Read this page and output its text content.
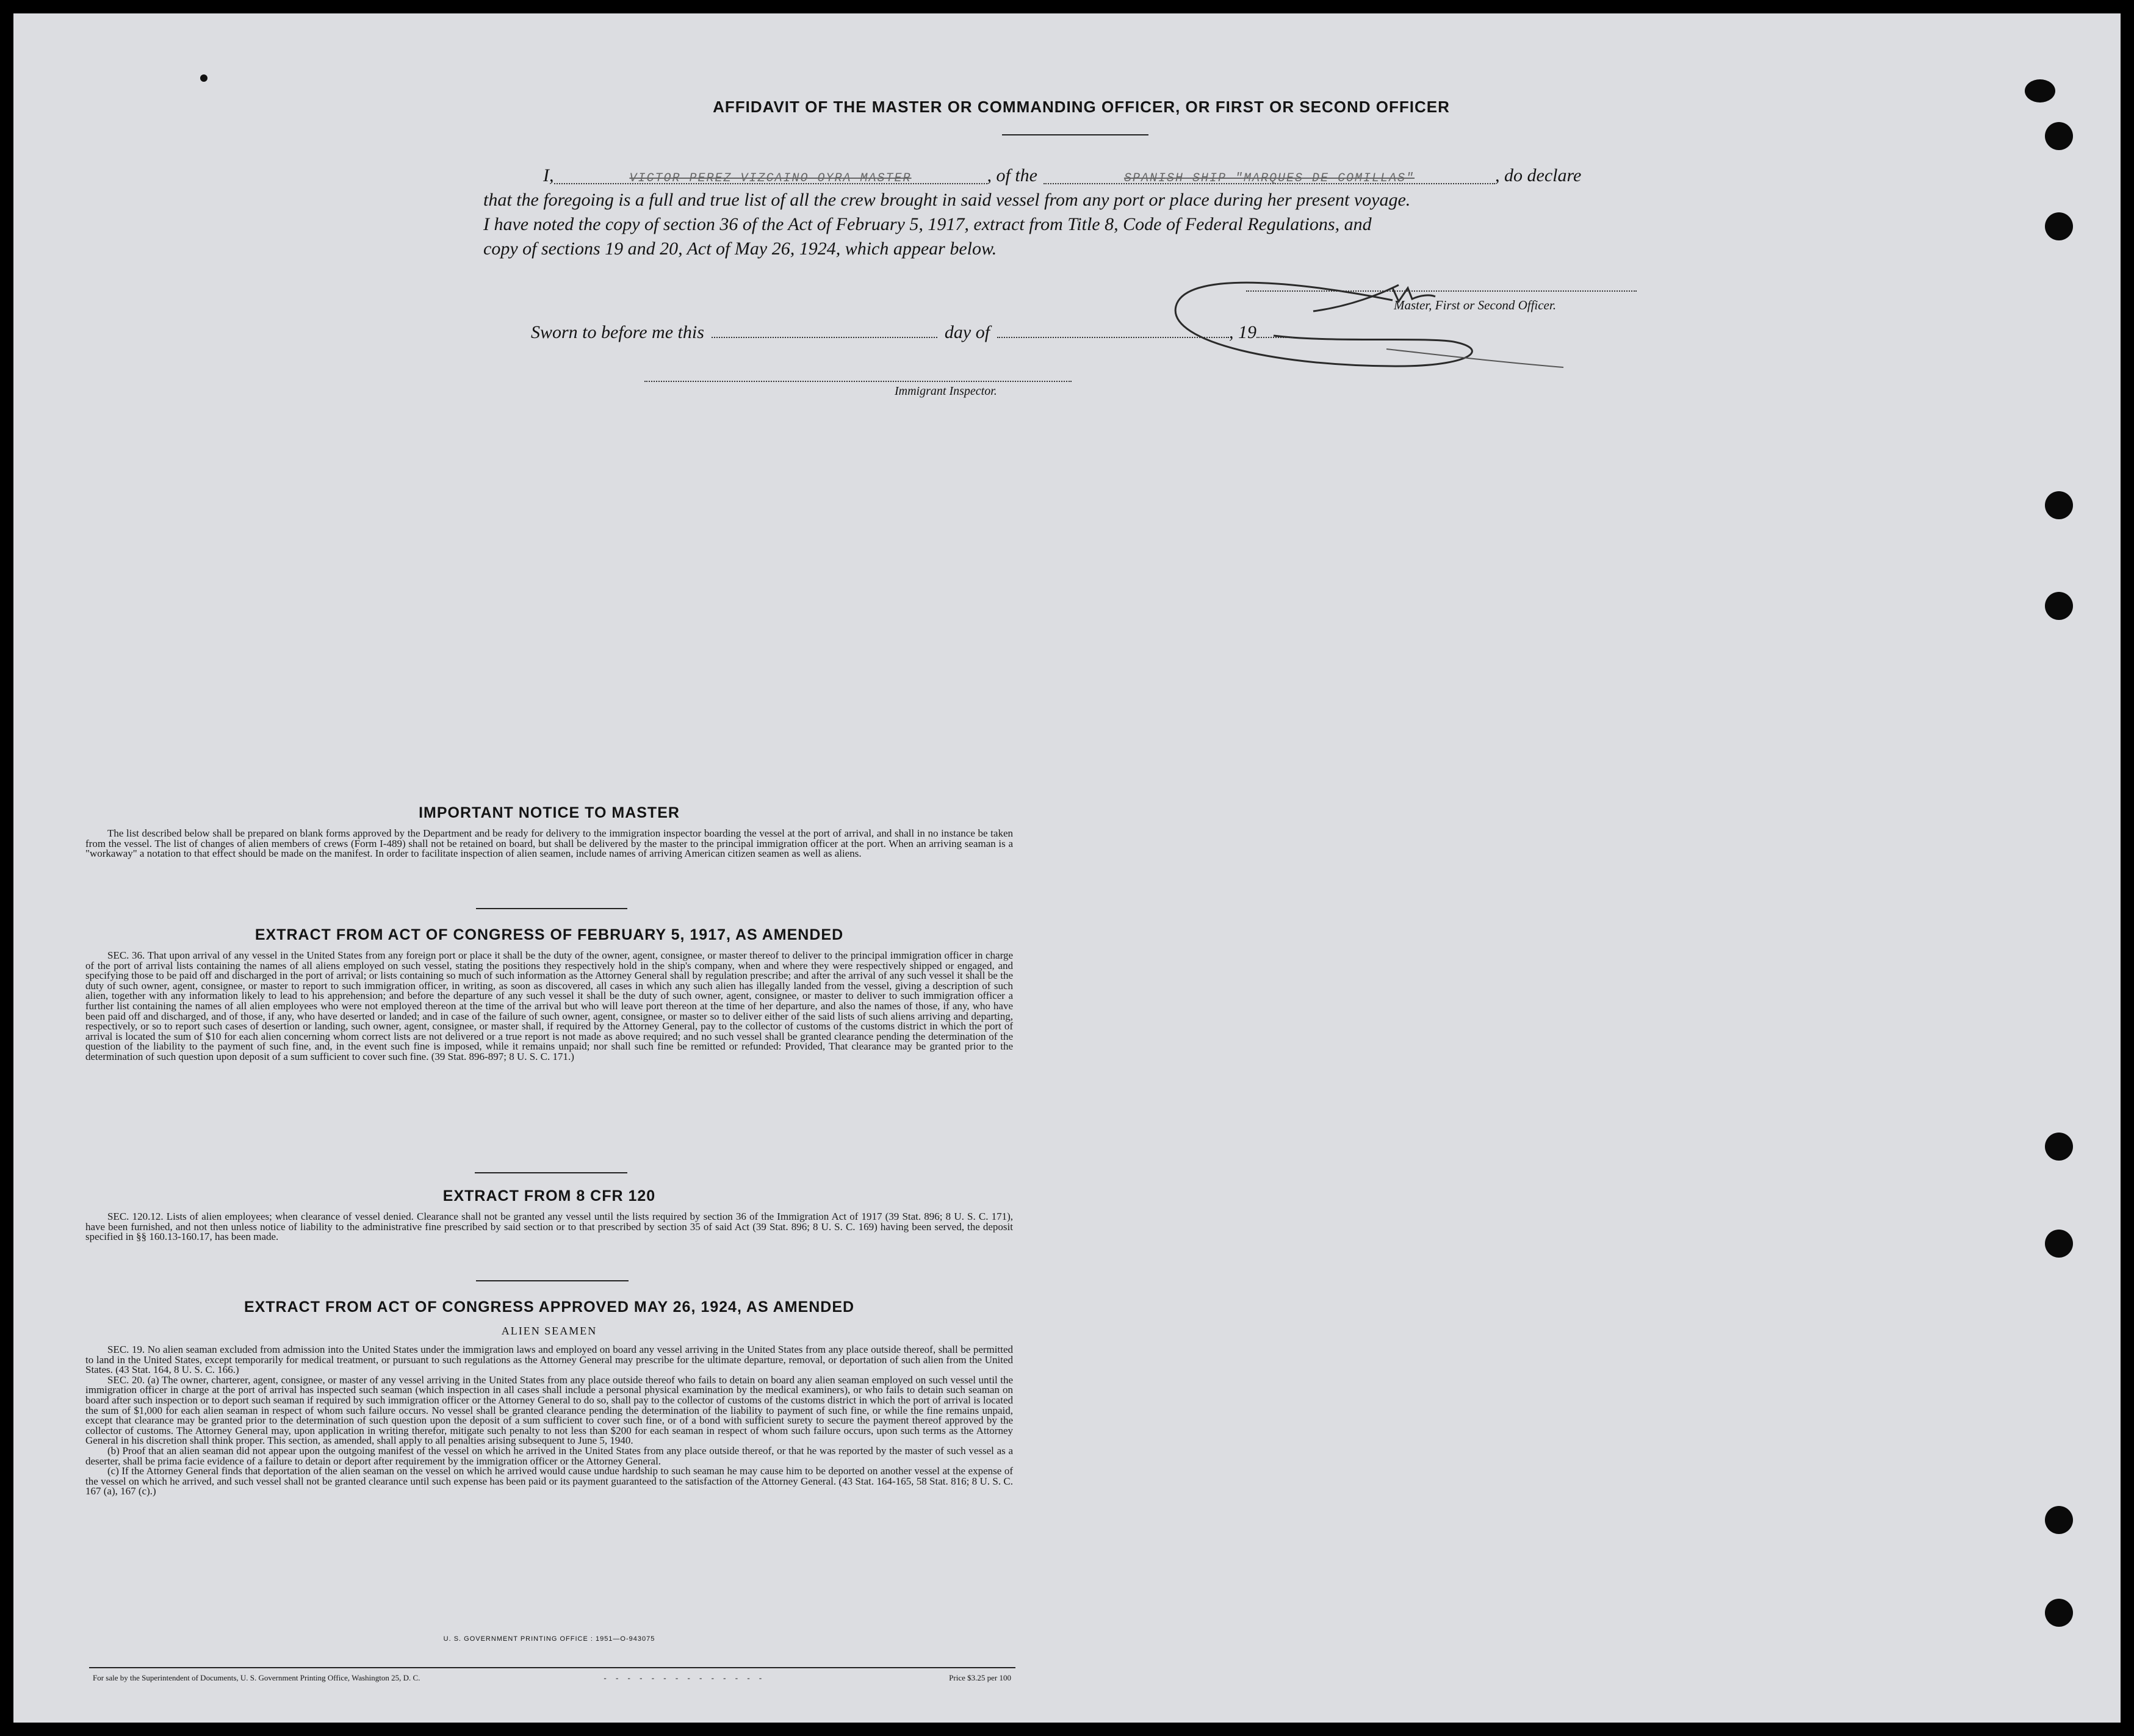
AFFIDAVIT OF THE MASTER OR COMMANDING OFFICER, OR FIRST OR SECOND OFFICER
I,	VICTOR PEREZ VIZCAINO OYRA MASTER	, of the	SPANISH SHIP "MARQUES DE COMILLAS"	, do declare
that the foregoing is a full and true list of all the crew brought in said vessel from any port or place during her present voyage.
I have noted the copy of section 36 of the Act of February 5, 1917, extract from Title 8, Code of Federal Regulations, and
copy of sections 19 and 20, Act of May 26, 1924, which appear below.
Master, First or Second Officer.
Sworn to before me this	day of	, 19
Immigrant Inspector.
IMPORTANT NOTICE TO MASTER

The list described below shall be prepared on blank forms approved by the Department and be ready for delivery to the immigration inspector boarding the vessel at the port of arrival, and shall in no instance be taken from the vessel. The list of changes of alien members of crews (Form I-489) shall not be retained on board, but shall be delivered by the master to the principal immigration officer at the port. When an arriving seaman is a "workaway" a notation to that effect should be made on the manifest. In order to facilitate inspection of alien seamen, include names of arriving American citizen seamen as well as aliens.

EXTRACT FROM ACT OF CONGRESS OF FEBRUARY 5, 1917, AS AMENDED

SEC. 36. That upon arrival of any vessel in the United States from any foreign port or place it shall be the duty of the owner, agent, consignee, or master thereof to deliver to the principal immigration officer in charge of the port of arrival lists containing the names of all aliens employed on such vessel, stating the positions they respectively hold in the ship's company, when and where they were respectively shipped or engaged, and specifying those to be paid off and discharged in the port of arrival; or lists containing so much of such information as the Attorney General shall by regulation prescribe; and after the arrival of any such vessel it shall be the duty of such owner, agent, consignee, or master to report to such immigration officer, in writing, as soon as discovered, all cases in which any such alien has illegally landed from the vessel, giving a description of such alien, together with any information likely to lead to his apprehension; and before the departure of any such vessel it shall be the duty of such owner, agent, consignee, or master to deliver to such immigration officer a further list containing the names of all alien employees who were not employed thereon at the time of the arrival but who will leave port thereon at the time of her departure, and also the names of those, if any, who have been paid off and discharged, and of those, if any, who have deserted or landed; and in case of the failure of such owner, agent, consignee, or master so to deliver either of the said lists of such aliens arriving and departing, respectively, or so to report such cases of desertion or landing, such owner, agent, consignee, or master shall, if required by the Attorney General, pay to the collector of customs of the customs district in which the port of arrival is located the sum of $10 for each alien concerning whom correct lists are not delivered or a true report is not made as above required; and no such vessel shall be granted clearance pending the determination of the question of the liability to the payment of such fine, and, in the event such fine is imposed, while it remains unpaid; nor shall such fine be remitted or refunded: Provided, That clearance may be granted prior to the determination of such question upon deposit of a sum sufficient to cover such fine. (39 Stat. 896-897; 8 U. S. C. 171.)

EXTRACT FROM 8 CFR 120

SEC. 120.12. Lists of alien employees; when clearance of vessel denied. Clearance shall not be granted any vessel until the lists required by section 36 of the Immigration Act of 1917 (39 Stat. 896; 8 U. S. C. 171), have been furnished, and not then unless notice of liability to the administrative fine prescribed by said section or to that prescribed by section 35 of said Act (39 Stat. 896; 8 U. S. C. 169) having been served, the deposit specified in §§ 160.13-160.17, has been made.

EXTRACT FROM ACT OF CONGRESS APPROVED MAY 26, 1924, AS AMENDED
ALIEN SEAMEN

SEC. 19. No alien seaman excluded from admission into the United States under the immigration laws and employed on board any vessel arriving in the United States from any place outside thereof, shall be permitted to land in the United States, except temporarily for medical treatment, or pursuant to such regulations as the Attorney General may prescribe for the ultimate departure, removal, or deportation of such alien from the United States. (43 Stat. 164, 8 U. S. C. 166.)

SEC. 20. (a) The owner, charterer, agent, consignee, or master of any vessel arriving in the United States from any place outside thereof who fails to detain on board any alien seaman employed on such vessel until the immigration officer in charge at the port of arrival has inspected such seaman (which inspection in all cases shall include a personal physical examination by the medical examiners), or who fails to detain such seaman on board after such inspection or to deport such seaman if required by such immigration officer or the Attorney General to do so, shall pay to the collector of customs of the customs district in which the port of arrival is located the sum of $1,000 for each alien seaman in respect of whom such failure occurs. No vessel shall be granted clearance pending the determination of the liability to payment of such fine, or while the fine remains unpaid, except that clearance may be granted prior to the determination of such question upon the deposit of a sum sufficient to cover such fine, or of a bond with sufficient surety to secure the payment thereof approved by the collector of customs. The Attorney General may, upon application in writing therefor, mitigate such penalty to not less than $200 for each seaman in respect of whom such failure occurs, upon such terms as the Attorney General in his discretion shall think proper. This section, as amended, shall apply to all penalties arising subsequent to June 5, 1940.

(b) Proof that an alien seaman did not appear upon the outgoing manifest of the vessel on which he arrived in the United States from any place outside thereof, or that he was reported by the master of such vessel as a deserter, shall be prima facie evidence of a failure to detain or deport after requirement by the immigration officer or the Attorney General.

(c) If the Attorney General finds that deportation of the alien seaman on the vessel on which he arrived would cause undue hardship to such seaman he may cause him to be deported on another vessel at the expense of the vessel on which he arrived, and such vessel shall not be granted clearance until such expense has been paid or its payment guaranteed to the satisfaction of the Attorney General. (43 Stat. 164-165, 58 Stat. 816; 8 U. S. C. 167 (a), 167 (c).)

U. S. GOVERNMENT PRINTING OFFICE : 1951—O-943075
For sale by the Superintendent of Documents, U. S. Government Printing Office, Washington 25, D. C.	- - - - - - - - - - - - - -	Price $3.25 per 100
